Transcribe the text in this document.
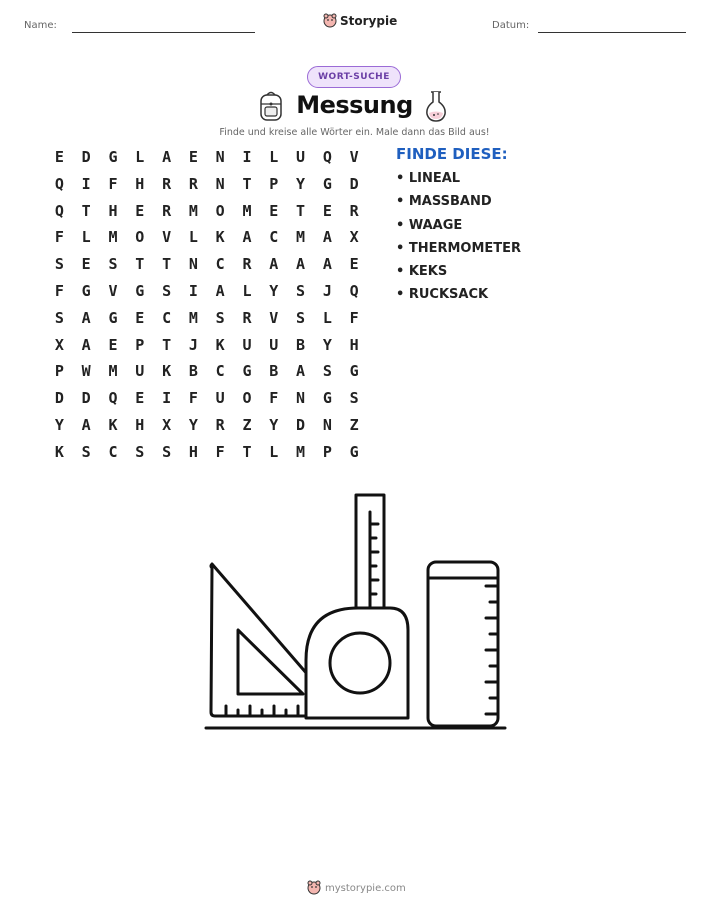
Name:	Storypie	Datum:
WORT-SUCHE
Messung
Finde und kreise alle Wörter ein. Male dann das Bild aus!
E	D	G	L	A	E	N	I	L	U	Q	V
Q	I	F	H	R	R	N	T	P	Y	G	D
Q	T	H	E	R	M	O	M	E	T	E	R
F	L	M	O	V	L	K	A	C	M	A	X
S	E	S	T	T	N	C	R	A	A	A	E
F	G	V	G	S	I	A	L	Y	S	J	Q
S	A	G	E	C	M	S	R	V	S	L	F
X	A	E	P	T	J	K	U	U	B	Y	H
P	W	M	U	K	B	C	G	B	A	S	G
D	D	Q	E	I	F	U	O	F	N	G	S
Y	A	K	H	X	Y	R	Z	Y	D	N	Z
K	S	C	S	S	H	F	T	L	M	P	G
FINDE DIESE:
• LINEAL
• MASSBAND
• WAAGE
• THERMOMETER
• KEKS
• RUCKSACK
mystorypie.com
